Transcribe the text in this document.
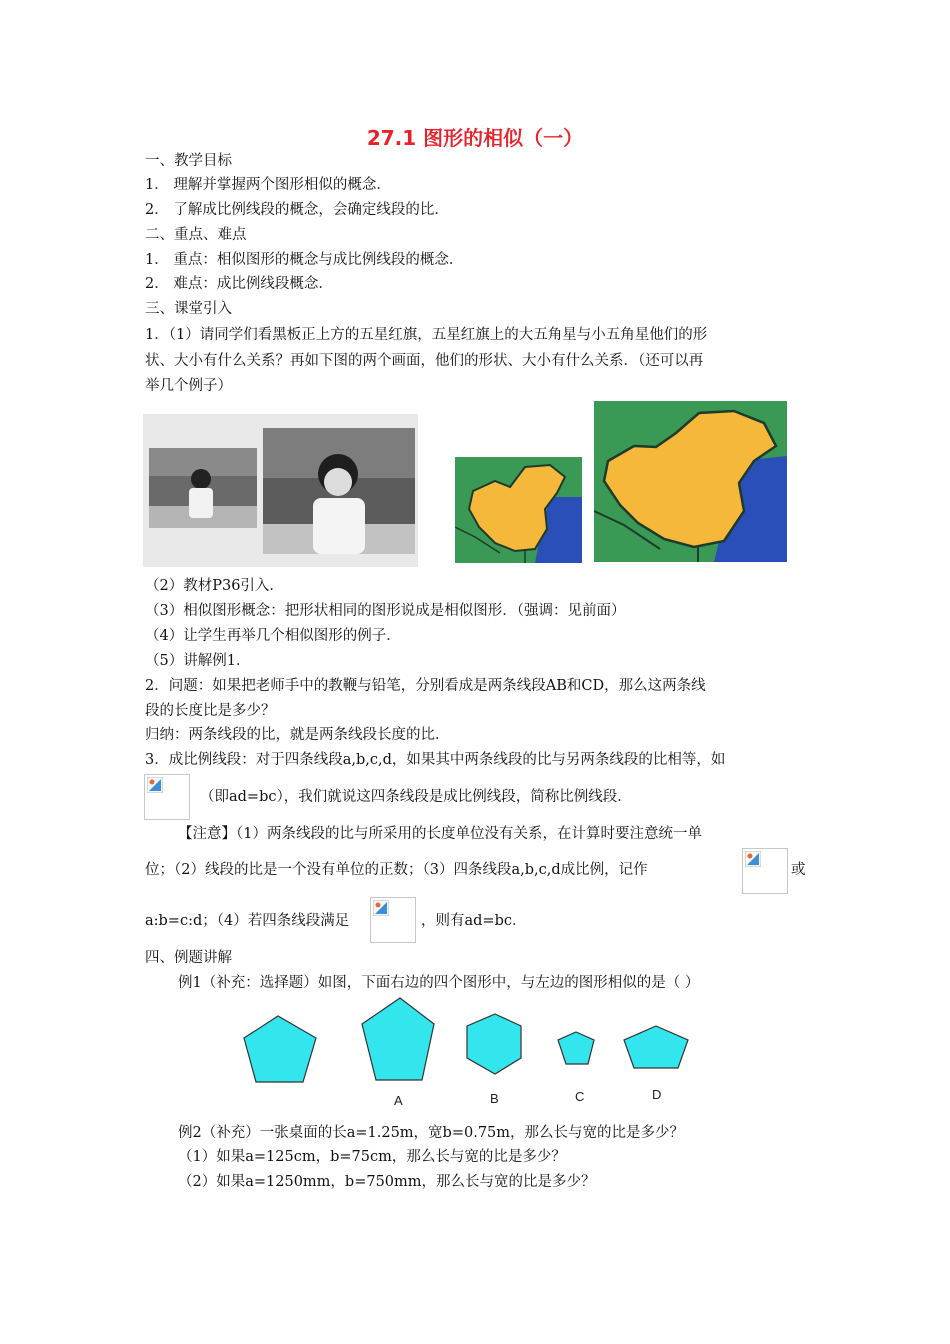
27.1 图形的相似（一）
一、教学目标
1． 理解并掌握两个图形相似的概念．
2． 了解成比例线段的概念，会确定线段的比．
二、重点、难点
1． 重点：相似图形的概念与成比例线段的概念．
2． 难点：成比例线段概念．
三、课堂引入
1．（1）请同学们看黑板正上方的五星红旗，五星红旗上的大五角星与小五角星他们的形
状、大小有什么关系？再如下图的两个画面，他们的形状、大小有什么关系．（还可以再
举几个例子）
（2）教材P36引入．
（3）相似图形概念：把形状相同的图形说成是相似图形．（强调：见前面）
（4）让学生再举几个相似图形的例子．
（5）讲解例1．
2．问题：如果把老师手中的教鞭与铅笔，分别看成是两条线段AB和CD，那么这两条线
段的长度比是多少？
归纳：两条线段的比，就是两条线段长度的比．
3．成比例线段：对于四条线段a,b,c,d，如果其中两条线段的比与另两条线段的比相等，如
（即ad=bc），我们就说这四条线段是成比例线段，简称比例线段．
【注意】（1）两条线段的比与所采用的长度单位没有关系，在计算时要注意统一单
位；（2）线段的比是一个没有单位的正数；（3）四条线段a,b,c,d成比例，记作	或
a:b=c:d；（4）若四条线段满足	，则有ad=bc．
四、例题讲解
例1（补充：选择题）如图，下面右边的四个图形中，与左边的图形相似的是（ ）
A	B	C	D
例2（补充）一张桌面的长a=1.25m，宽b=0.75m，那么长与宽的比是多少？
（1）如果a=125cm，b=75cm，那么长与宽的比是多少？
（2）如果a=1250mm，b=750mm，那么长与宽的比是多少？
